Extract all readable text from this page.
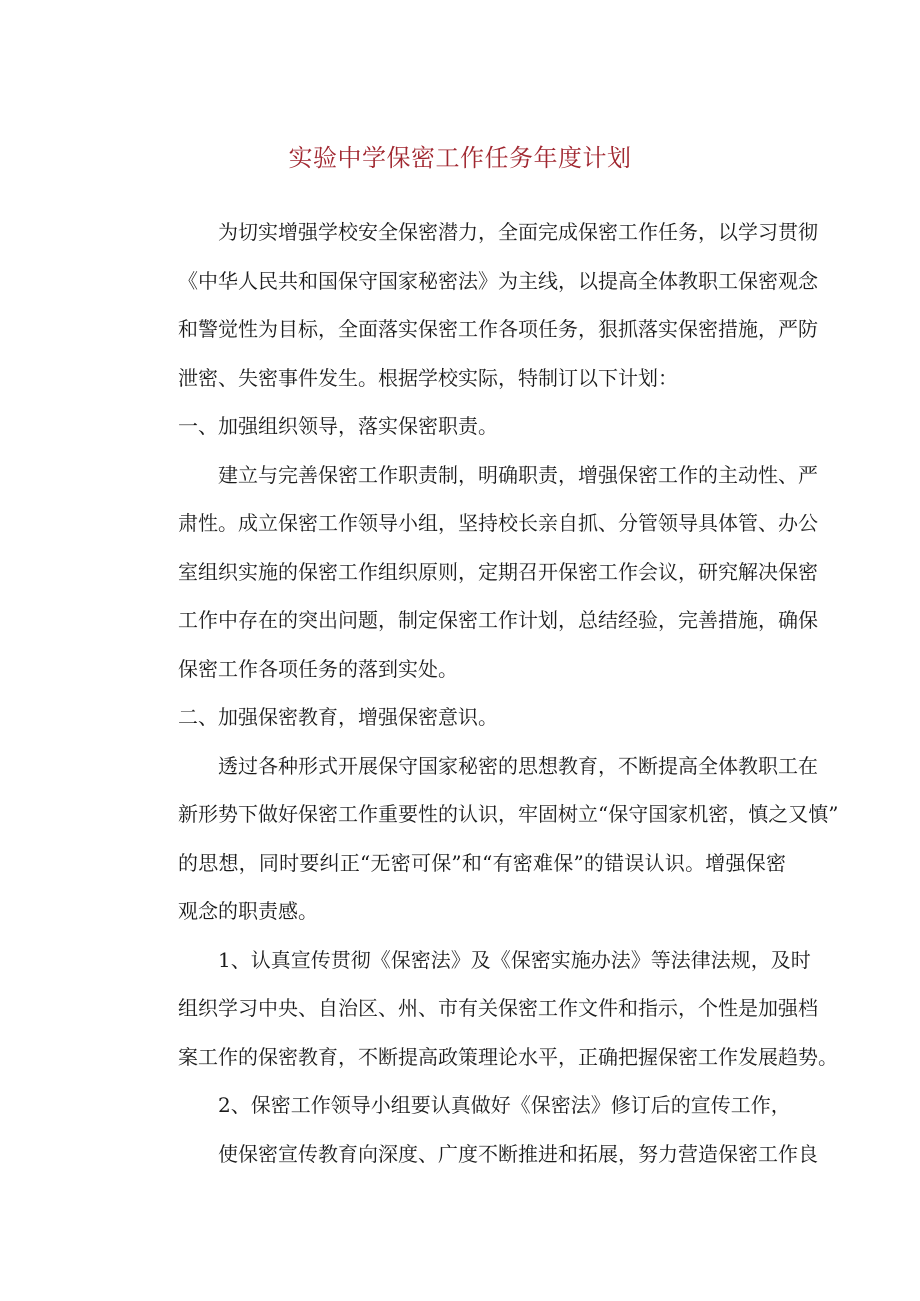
实验中学保密工作任务年度计划
为切实增强学校安全保密潜力，全面完成保密工作任务，以学习贯彻
《中华人民共和国保守国家秘密法》为主线，以提高全体教职工保密观念
和警觉性为目标，全面落实保密工作各项任务，狠抓落实保密措施，严防
泄密、失密事件发生。根据学校实际，特制订以下计划：
一、加强组织领导，落实保密职责。
建立与完善保密工作职责制，明确职责，增强保密工作的主动性、严
肃性。成立保密工作领导小组，坚持校长亲自抓、分管领导具体管、办公
室组织实施的保密工作组织原则，定期召开保密工作会议，研究解决保密
工作中存在的突出问题，制定保密工作计划，总结经验，完善措施，确保
保密工作各项任务的落到实处。
二、加强保密教育，增强保密意识。
透过各种形式开展保守国家秘密的思想教育，不断提高全体教职工在
新形势下做好保密工作重要性的认识，牢固树立“保守国家机密，慎之又慎”
的思想，同时要纠正“无密可保”和“有密难保”的错误认识。增强保密
观念的职责感。
1、认真宣传贯彻《保密法》及《保密实施办法》等法律法规，及时
组织学习中央、自治区、州、市有关保密工作文件和指示，个性是加强档
案工作的保密教育，不断提高政策理论水平，正确把握保密工作发展趋势。
2、保密工作领导小组要认真做好《保密法》修订后的宣传工作，
使保密宣传教育向深度、广度不断推进和拓展，努力营造保密工作良
